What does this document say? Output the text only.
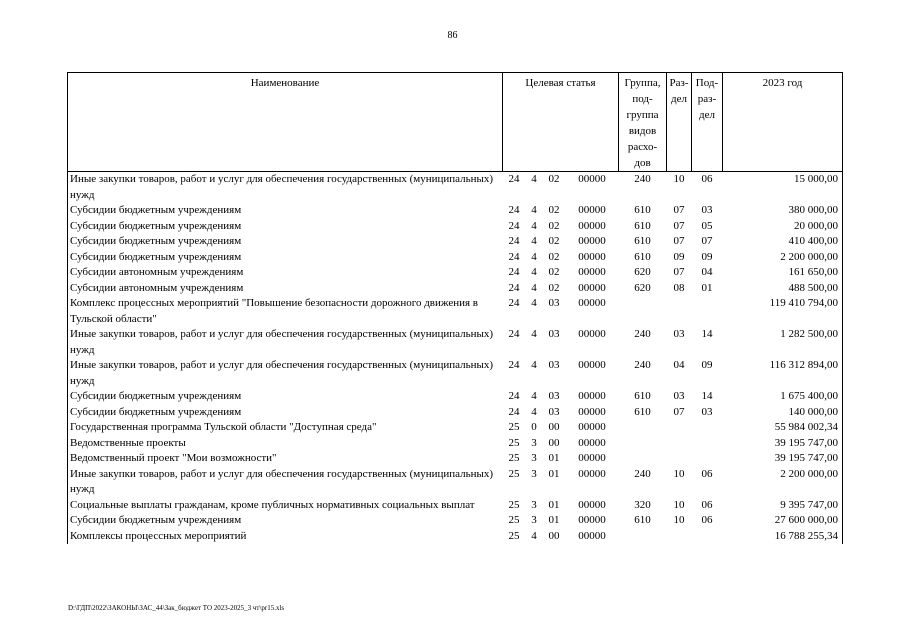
86
Наименование	Целевая статья				Группа, под-группа видов расхо-дов	Раз-дел	Под-раз-дел	2023 год
Иные закупки товаров, работ и услуг для обеспечения государственных (муниципальных) нужд	24	4	02	00000	240	10	06	15 000,00
Субсидии бюджетным учреждениям	24	4	02	00000	610	07	03	380 000,00
Субсидии бюджетным учреждениям	24	4	02	00000	610	07	05	20 000,00
Субсидии бюджетным учреждениям	24	4	02	00000	610	07	07	410 400,00
Субсидии бюджетным учреждениям	24	4	02	00000	610	09	09	2 200 000,00
Субсидии автономным учреждениям	24	4	02	00000	620	07	04	161 650,00
Субсидии автономным учреждениям	24	4	02	00000	620	08	01	488 500,00
Комплекс процессных мероприятий "Повышение безопасности дорожного движения в Тульской области"	24	4	03	00000				119 410 794,00
Иные закупки товаров, работ и услуг для обеспечения государственных (муниципальных) нужд	24	4	03	00000	240	03	14	1 282 500,00
Иные закупки товаров, работ и услуг для обеспечения государственных (муниципальных) нужд	24	4	03	00000	240	04	09	116 312 894,00
Субсидии бюджетным учреждениям	24	4	03	00000	610	03	14	1 675 400,00
Субсидии бюджетным учреждениям	24	4	03	00000	610	07	03	140 000,00
Государственная программа Тульской области "Доступная среда"	25	0	00	00000				55 984 002,34
Ведомственные проекты	25	3	00	00000				39 195 747,00
Ведомственный проект "Мои возможности"	25	3	01	00000				39 195 747,00
Иные закупки товаров, работ и услуг для обеспечения государственных (муниципальных) нужд	25	3	01	00000	240	10	06	2 200 000,00
Социальные выплаты гражданам, кроме публичных нормативных социальных выплат	25	3	01	00000	320	10	06	9 395 747,00
Субсидии бюджетным учреждениям	25	3	01	00000	610	10	06	27 600 000,00
Комплексы процессных мероприятий	25	4	00	00000				16 788 255,34
D:\ГДП\2022\ЗАКОНЫ\ЗАС_44\Зак_бюджет ТО 2023-2025_3 чт\pr15.xls
